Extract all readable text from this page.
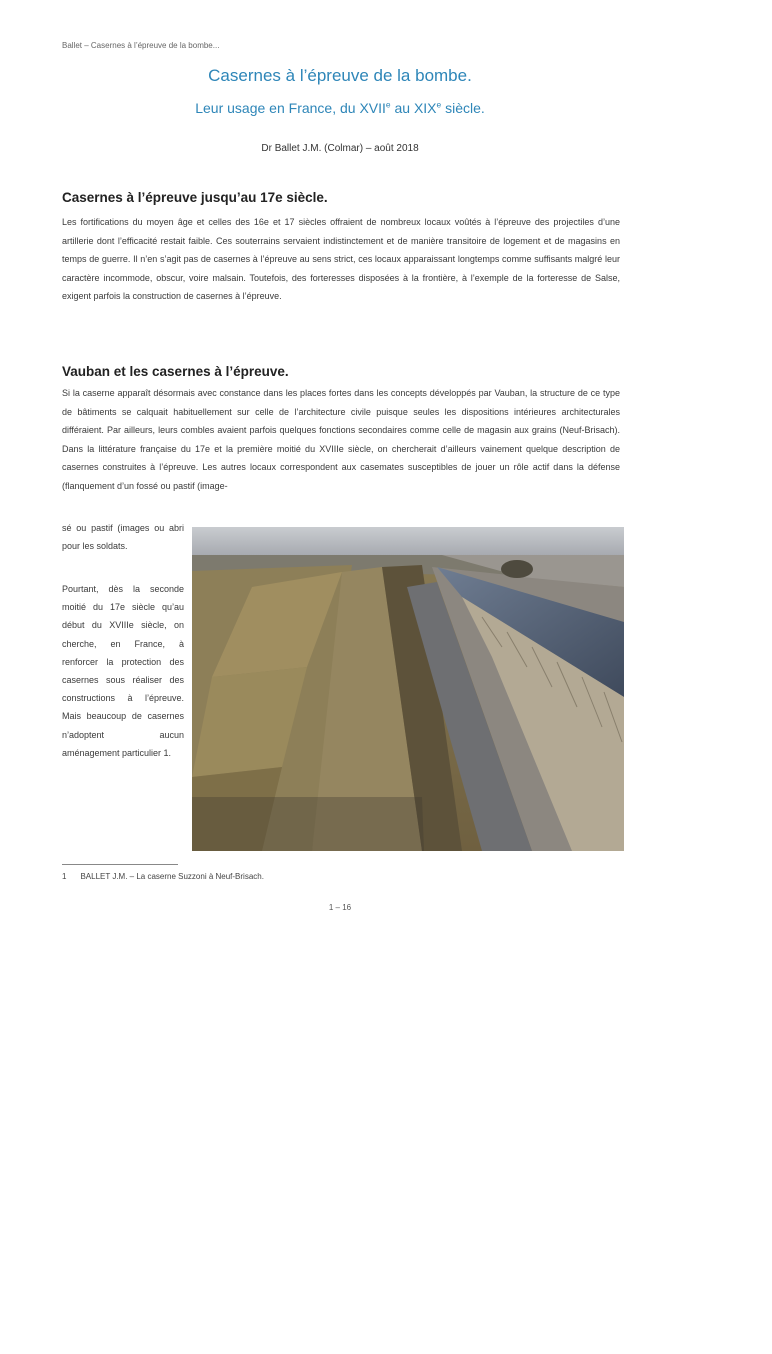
Ballet – Casernes à l’épreuve de la bombe...
Casernes à l’épreuve de la bombe.
Leur usage en France, du XVIIe au XIXe siècle.
Dr Ballet J.M. (Colmar) – août 2018
Casernes à l’épreuve jusqu’au 17e siècle.

Les fortifications du moyen âge et celles des 16e et 17 siècles offraient de nombreux locaux voûtés à l’épreuve des projectiles d’une artillerie dont l’efficacité restait faible. Ces souterrains servaient indistinctement et de manière transitoire de logement et de magasins en temps de guerre. Il n’en s’agit pas de casernes à l’épreuve au sens strict, ces locaux apparaissant longtemps comme suffisants malgré leur caractère incommode, obscur, voire malsain. Toutefois, des forteresses disposées à la frontière, à l’exemple de la forteresse de Salse, exigent parfois la construction de casernes à l’épreuve.

Vauban et les casernes à l’épreuve.

Si la caserne apparaît désormais avec constance dans les places fortes dans les concepts développés par Vauban, la structure de ce type de bâtiments se calquait habituellement sur celle de l’architecture civile puisque seules les dispositions intérieures architecturales différaient. Par ailleurs, leurs combles avaient parfois quelques fonctions secondaires comme celle de magasin aux grains (Neuf-Brisach). Dans la littérature française du 17e et la première moitié du XVIIIe siècle, on chercherait d’ailleurs vainement quelque description de casernes construites à l’épreuve. Les autres locaux correspondent aux casemates susceptibles de jouer un rôle actif dans la défense (flanquement d’un fossé ou pastif (image-

sé ou pastif (images ou abri pour les soldats.

Pourtant, dès la seconde moitié du 17e siècle qu’au début du XVIIIe siècle, on cherche, en France, à renforcer la protection des casernes sous réaliser des constructions à l’épreuve. Mais beaucoup de casernes n’adoptent aucun aménagement particulier 1.

Fig. 1 – La caserne Suzzoni, une des quatre casernes de Neuf-Brisach, les bâtiments d’accueil construits ultérieurement au moyen de cette arbre du XIXe siècle (au rez-de-chaussée : 1846).
1 BALLET J.M. – La caserne Suzzoni à Neuf-Brisach.
1 – 16
